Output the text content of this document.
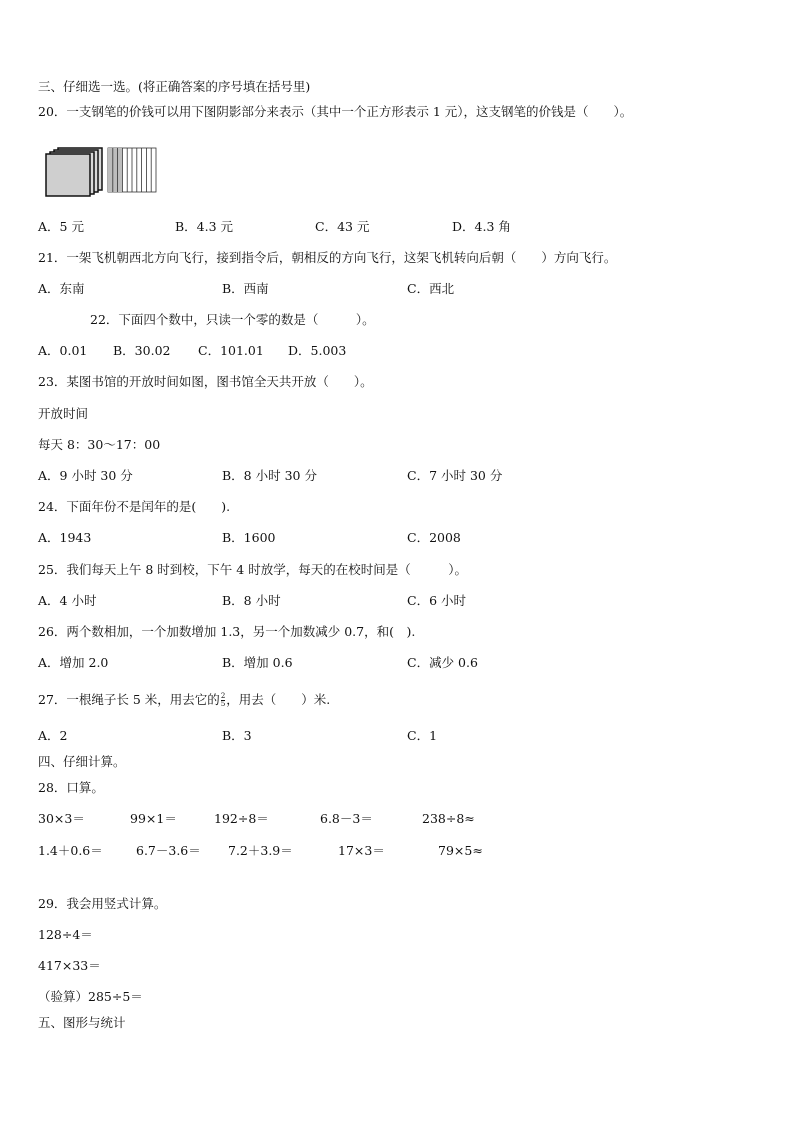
三、仔细选一选。(将正确答案的序号填在括号里)
20．一支钢笔的价钱可以用下图阴影部分来表示（其中一个正方形表示 1 元），这支钢笔的价钱是（　　）。
A．5 元	B．4.3 元	C．43 元	D．4.3 角
21．一架飞机朝西北方向飞行，接到指令后，朝相反的方向飞行，这架飞机转向后朝（　　）方向飞行。
A．东南	B．西南	C．西北
22．下面四个数中，只读一个零的数是（　　　）。
A．0.01 B．30.02 C．101.01 D．5.003
23．某图书馆的开放时间如图，图书馆全天共开放（　　）。
开放时间
每天 8：30～17：00
A．9 小时 30 分	B．8 小时 30 分	C．7 小时 30 分
24．下面年份不是闰年的是(　　).
A．1943	B．1600	C．2008
25．我们每天上午 8 时到校，下午 4 时放学，每天的在校时间是（　　　）。
A．4 小时	B．8 小时	C．6 小时
26．两个数相加，一个加数增加 1.3，另一个加数减少 0.7，和(　).
A．增加 2.0	B．增加 0.6	C．减少 0.6
27．一根绳子长 5 米，用去它的 $\frac{2}{5}$ ，用去（　　）米.
A．2	B．3	C．1
四、仔细计算。
28．口算。
30×3＝	99×1＝	192÷8＝	6.8－3＝	238÷8≈
1.4＋0.6＝	6.7－3.6＝ 7.2＋3.9＝	17×3＝	79×5≈
29．我会用竖式计算。
128÷4＝
417×33＝
（验算）285÷5＝
五、图形与统计
